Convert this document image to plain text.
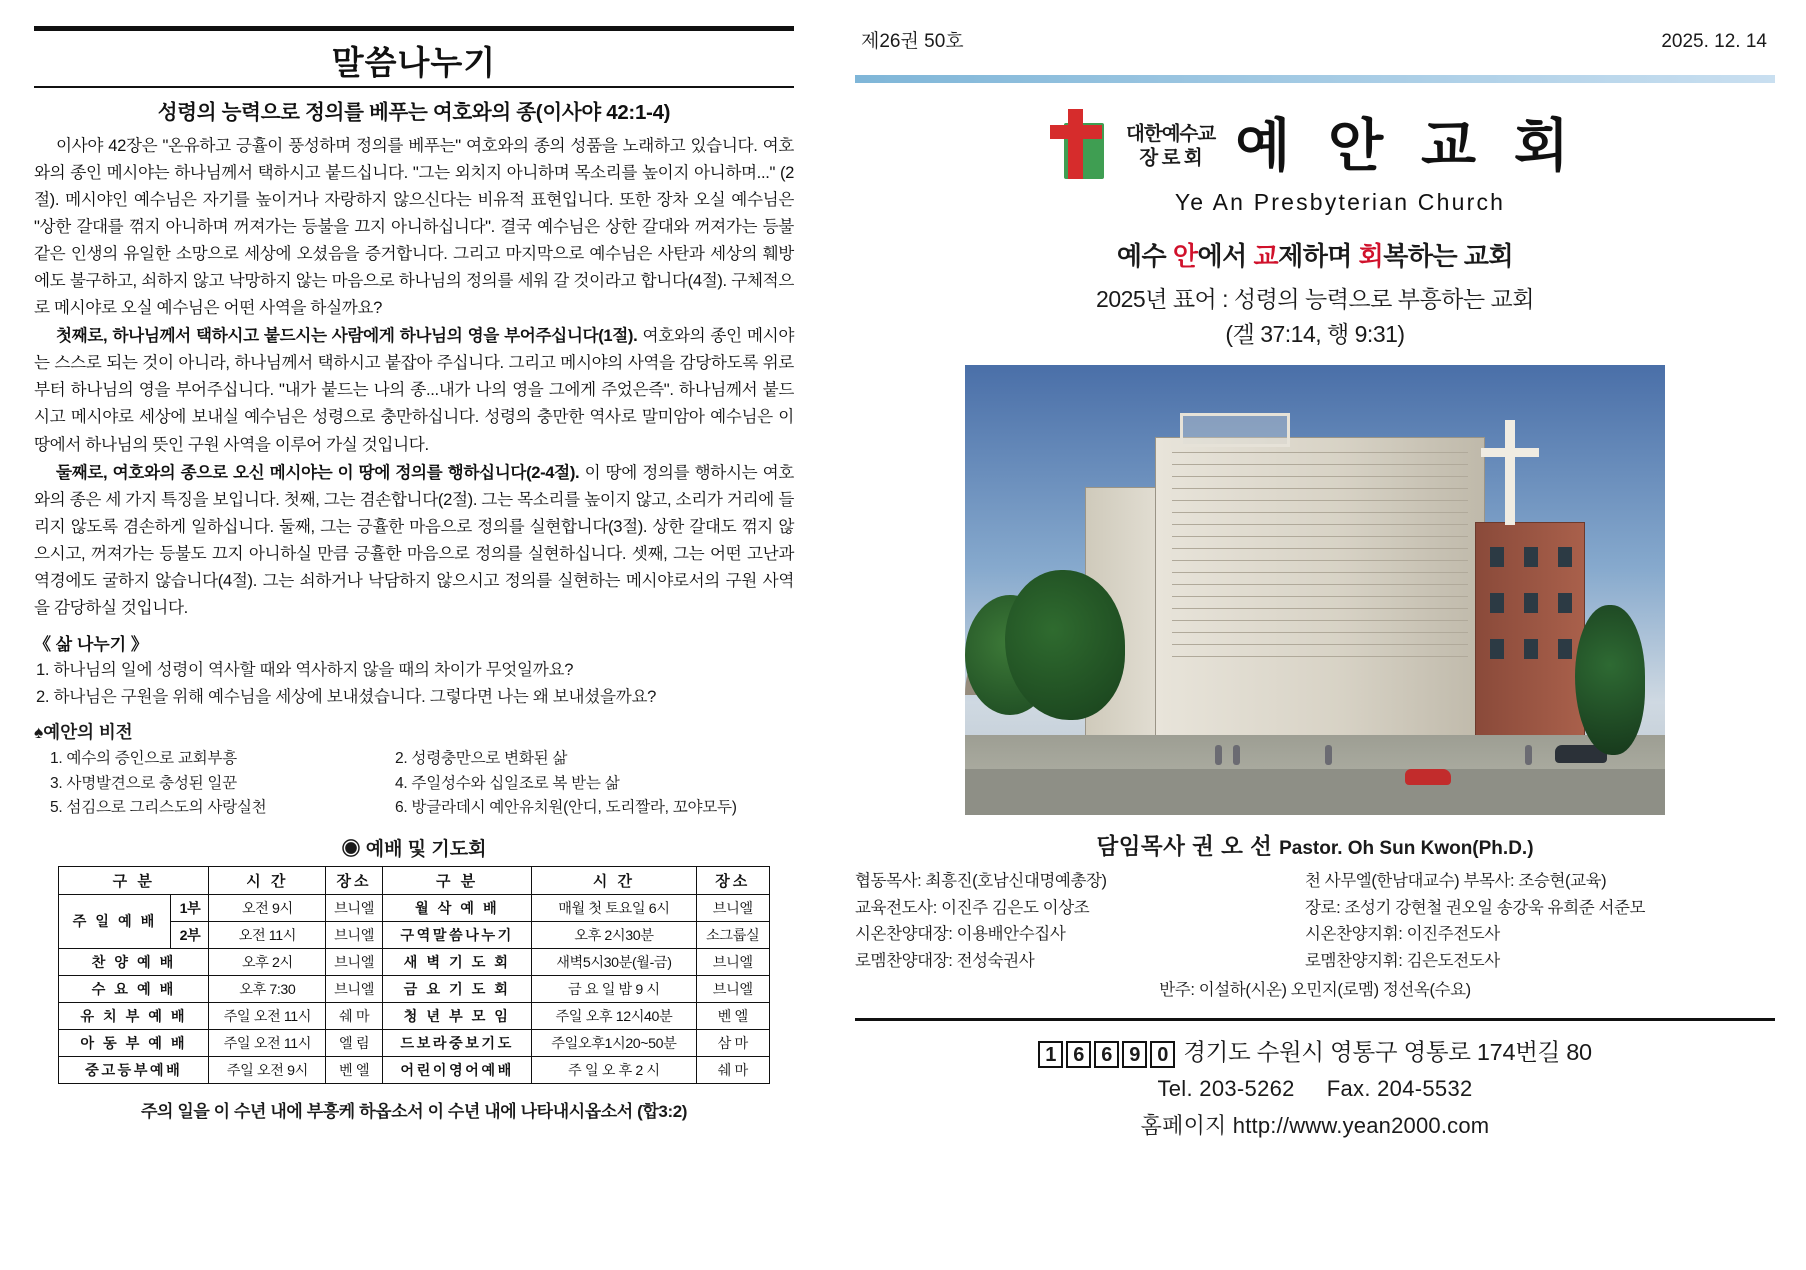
말씀나누기
성령의 능력으로 정의를 베푸는 여호와의 종(이사야 42:1-4)

이사야 42장은 "온유하고 긍휼이 풍성하며 정의를 베푸는" 여호와의 종의 성품을 노래하고 있습니다. 여호와의 종인 메시야는 하나님께서 택하시고 붙드십니다. "그는 외치지 아니하며 목소리를 높이지 아니하며..." (2절). 메시야인 예수님은 자기를 높이거나 자랑하지 않으신다는 비유적 표현입니다. 또한 장차 오실 예수님은 "상한 갈대를 꺾지 아니하며 꺼져가는 등불을 끄지 아니하십니다". 결국 예수님은 상한 갈대와 꺼져가는 등불 같은 인생의 유일한 소망으로 세상에 오셨음을 증거합니다. 그리고 마지막으로 예수님은 사탄과 세상의 훼방에도 불구하고, 쇠하지 않고 낙망하지 않는 마음으로 하나님의 정의를 세워 갈 것이라고 합니다(4절). 구체적으로 메시야로 오실 예수님은 어떤 사역을 하실까요?

첫째로, 하나님께서 택하시고 붙드시는 사람에게 하나님의 영을 부어주십니다(1절). 여호와의 종인 메시야는 스스로 되는 것이 아니라, 하나님께서 택하시고 붙잡아 주십니다. 그리고 메시야의 사역을 감당하도록 위로부터 하나님의 영을 부어주십니다. "내가 붙드는 나의 종...내가 나의 영을 그에게 주었은즉". 하나님께서 붙드시고 메시야로 세상에 보내실 예수님은 성령으로 충만하십니다. 성령의 충만한 역사로 말미암아 예수님은 이 땅에서 하나님의 뜻인 구원 사역을 이루어 가실 것입니다.

둘째로, 여호와의 종으로 오신 메시야는 이 땅에 정의를 행하십니다(2-4절). 이 땅에 정의를 행하시는 여호와의 종은 세 가지 특징을 보입니다. 첫째, 그는 겸손합니다(2절). 그는 목소리를 높이지 않고, 소리가 거리에 들리지 않도록 겸손하게 일하십니다. 둘째, 그는 긍휼한 마음으로 정의를 실현합니다(3절). 상한 갈대도 꺾지 않으시고, 꺼져가는 등불도 끄지 아니하실 만큼 긍휼한 마음으로 정의를 실현하십니다. 셋째, 그는 어떤 고난과 역경에도 굴하지 않습니다(4절). 그는 쇠하거나 낙담하지 않으시고 정의를 실현하는 메시야로서의 구원 사역을 감당하실 것입니다.

《 삶 나누기 》
1. 하나님의 일에 성령이 역사할 때와 역사하지 않을 때의 차이가 무엇일까요?
2. 하나님은 구원을 위해 예수님을 세상에 보내셨습니다. 그렇다면 나는 왜 보내셨을까요?
♠예안의 비전
1. 예수의 증인으로 교회부흥	2. 성령충만으로 변화된 삶
3. 사명발견으로 충성된 일꾼	4. 주일성수와 십일조로 복 받는 삶
5. 섬김으로 그리스도의 사랑실천	6. 방글라데시 예안유치원(안디, 도리짤라, 꼬야모두)
◉ 예배 및 기도회
구 분		시 간	장소	구 분	시 간	장소
주 일 예 배	1부	오전 9시	브니엘	월 삭 예 배	매월 첫 토요일 6시	브니엘
	2부	오전 11시	브니엘	구역말씀나누기	오후 2시30분	소그룹실
찬 양 예 배		오후 2시	브니엘	새 벽 기 도 회	새벽5시30분(월-금)	브니엘
수 요 예 배		오후 7:30	브니엘	금 요 기 도 회	금 요 일 밤 9 시	브니엘
유 치 부 예 배		주일 오전 11시	쉐 마	청 년 부 모 임	주일 오후 12시40분	벤 엘
아 동 부 예 배		주일 오전 11시	엘 림	드보라중보기도	주일오후1시20~50분	삼 마
중고등부예배		주일 오전 9시	벤 엘	어린이영어예배	주 일 오 후 2 시	쉐 마
주의 일을 이 수년 내에 부흥케 하옵소서 이 수년 내에 나타내시옵소서 (합3:2)
제26권 50호	2025. 12. 14
대한예수교
장 로 회 예 안 교 회
Ye An Presbyterian Church
예수 안에서 교제하며 회복하는 교회
2025년 표어 : 성령의 능력으로 부흥하는 교회
(겔 37:14, 행 9:31)
담임목사 권 오 선 Pastor. Oh Sun Kwon(Ph.D.)
협동목사: 최흥진(호남신대명예총장)	천 사무엘(한남대교수) 부목사: 조승현(교육)
교육전도사: 이진주 김은도 이상조	장로: 조성기 강현철 권오일 송강욱 유희준 서준모
시온찬양대장: 이용배안수집사	시온찬양지휘: 이진주전도사
로멤찬양대장: 전성숙권사	로멤찬양지휘: 김은도전도사
반주: 이설하(시온) 오민지(로멤) 정선옥(수요)
1 6 6 9 0 경기도 수원시 영통구 영통로 174번길 80
Tel. 203-5262 Fax. 204-5532
홈페이지 http://www.yean2000.com
